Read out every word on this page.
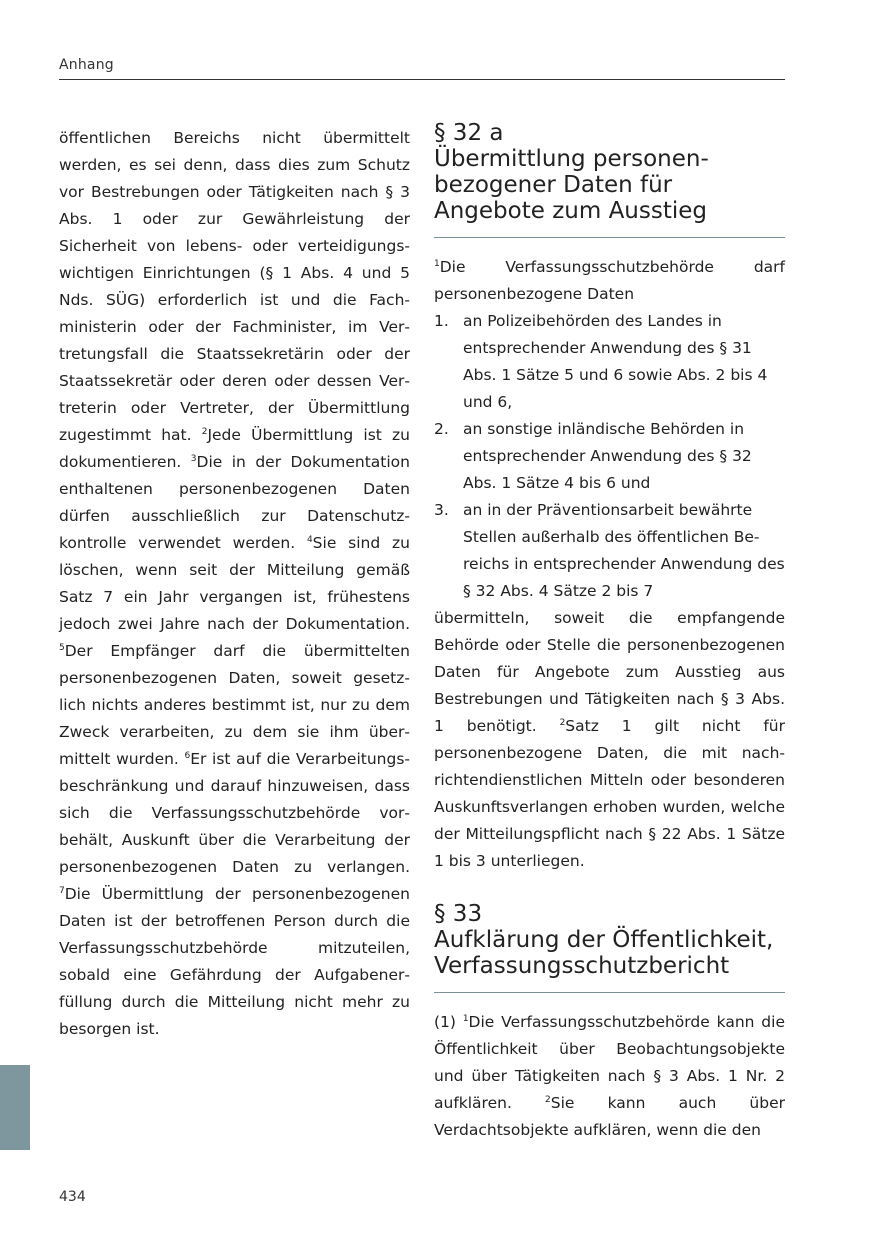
Anhang

öffentlichen Bereichs nicht übermittelt werden, es sei denn, dass dies zum Schutz vor Bestrebungen oder Tätigkeiten nach § 3 Abs. 1 oder zur Gewährleistung der Sicherheit von lebens- oder verteidigungswichtigen Einrichtungen (§ 1 Abs. 4 und 5 Nds. SÜG) erforderlich ist und die Fachministerin oder der Fachminister, im Vertretungsfall die Staatssekretärin oder der Staatssekretär oder deren oder dessen Vertreterin oder Vertreter, der Übermittlung zugestimmt hat. $^2$Jede Übermittlung ist zu dokumentieren. $^3$Die in der Dokumentation enthaltenen personenbezogenen Daten dürfen ausschließlich zur Datenschutzkontrolle verwendet werden. $^4$Sie sind zu löschen, wenn seit der Mitteilung gemäß Satz 7 ein Jahr vergangen ist, frühestens jedoch zwei Jahre nach der Dokumentation. $^5$Der Empfänger darf die übermittelten personenbezogenen Daten, soweit gesetzlich nichts anderes bestimmt ist, nur zu dem Zweck verarbeiten, zu dem sie ihm übermittelt wurden. $^6$Er ist auf die Verarbeitungsbeschränkung und darauf hinzuweisen, dass sich die Verfassungsschutzbehörde vorbehält, Auskunft über die Verarbeitung der personenbezogenen Daten zu verlangen. $^7$Die Übermittlung der personenbezogenen Daten ist der betroffenen Person durch die Verfassungsschutzbehörde mitzuteilen, sobald eine Gefährdung der Aufgabenerfüllung durch die Mitteilung nicht mehr zu besorgen ist.

§ 32 a
Übermittlung personenbezogener Daten für Angebote zum Ausstieg

$^1$Die Verfassungsschutzbehörde darf personenbezogene Daten

1. an Polizeibehörden des Landes in entsprechender Anwendung des § 31 Abs. 1 Sätze 5 und 6 sowie Abs. 2 bis 4 und 6,
2. an sonstige inländische Behörden in entsprechender Anwendung des § 32 Abs. 1 Sätze 4 bis 6 und
3. an in der Präventionsarbeit bewährte Stellen außerhalb des öffentlichen Bereichs in entsprechender Anwendung des § 32 Abs. 4 Sätze 2 bis 7

übermitteln, soweit die empfangende Behörde oder Stelle die personenbezogenen Daten für Angebote zum Ausstieg aus Bestrebungen und Tätigkeiten nach § 3 Abs. 1 benötigt. $^2$Satz 1 gilt nicht für personenbezogene Daten, die mit nachrichtendienstlichen Mitteln oder besonderen Auskunftsverlangen erhoben wurden, welche der Mitteilungspflicht nach § 22 Abs. 1 Sätze 1 bis 3 unterliegen.

§ 33
Aufklärung der Öffentlichkeit, Verfassungsschutzbericht

(1) $^1$Die Verfassungsschutzbehörde kann die Öffentlichkeit über Beobachtungsobjekte und über Tätigkeiten nach § 3 Abs. 1 Nr. 2 aufklären. $^2$Sie kann auch über Verdachtsobjekte aufklären, wenn die den

434
